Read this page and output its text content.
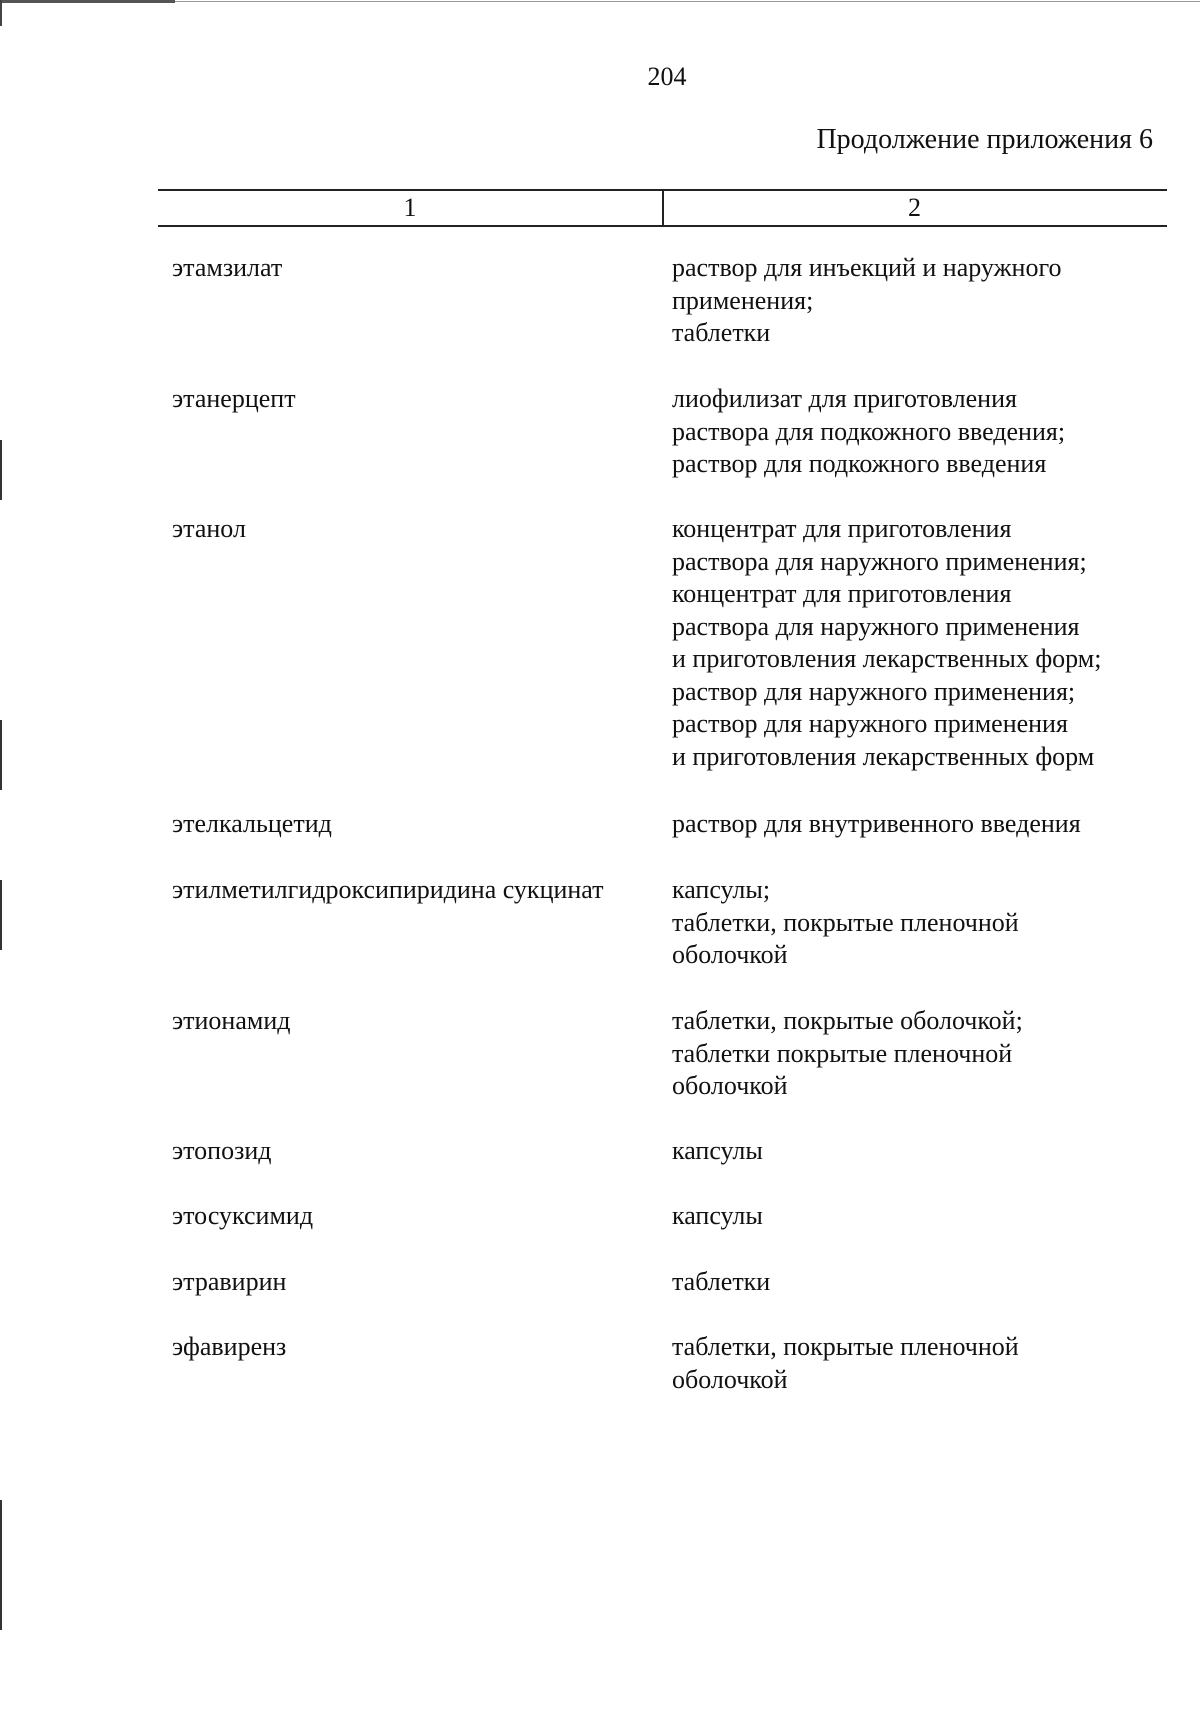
204
Продолжение приложения 6
1	2
этамзилат	раствор для инъекций и наружного
применения;
таблетки
этанерцепт	лиофилизат для приготовления
раствора для подкожного введения;
раствор для подкожного введения
этанол	концентрат для приготовления
раствора для наружного применения;
концентрат для приготовления
раствора для наружного применения
и приготовления лекарственных форм;
раствор для наружного применения;
раствор для наружного применения
и приготовления лекарственных форм
этелкальцетид	раствор для внутривенного введения
этилметилгидроксипиридина сукцинат	капсулы;
таблетки, покрытые пленочной
оболочкой
этионамид	таблетки, покрытые оболочкой;
таблетки покрытые пленочной
оболочкой
этопозид	капсулы
этосуксимид	капсулы
этравирин	таблетки
эфавиренз	таблетки, покрытые пленочной
оболочкой
